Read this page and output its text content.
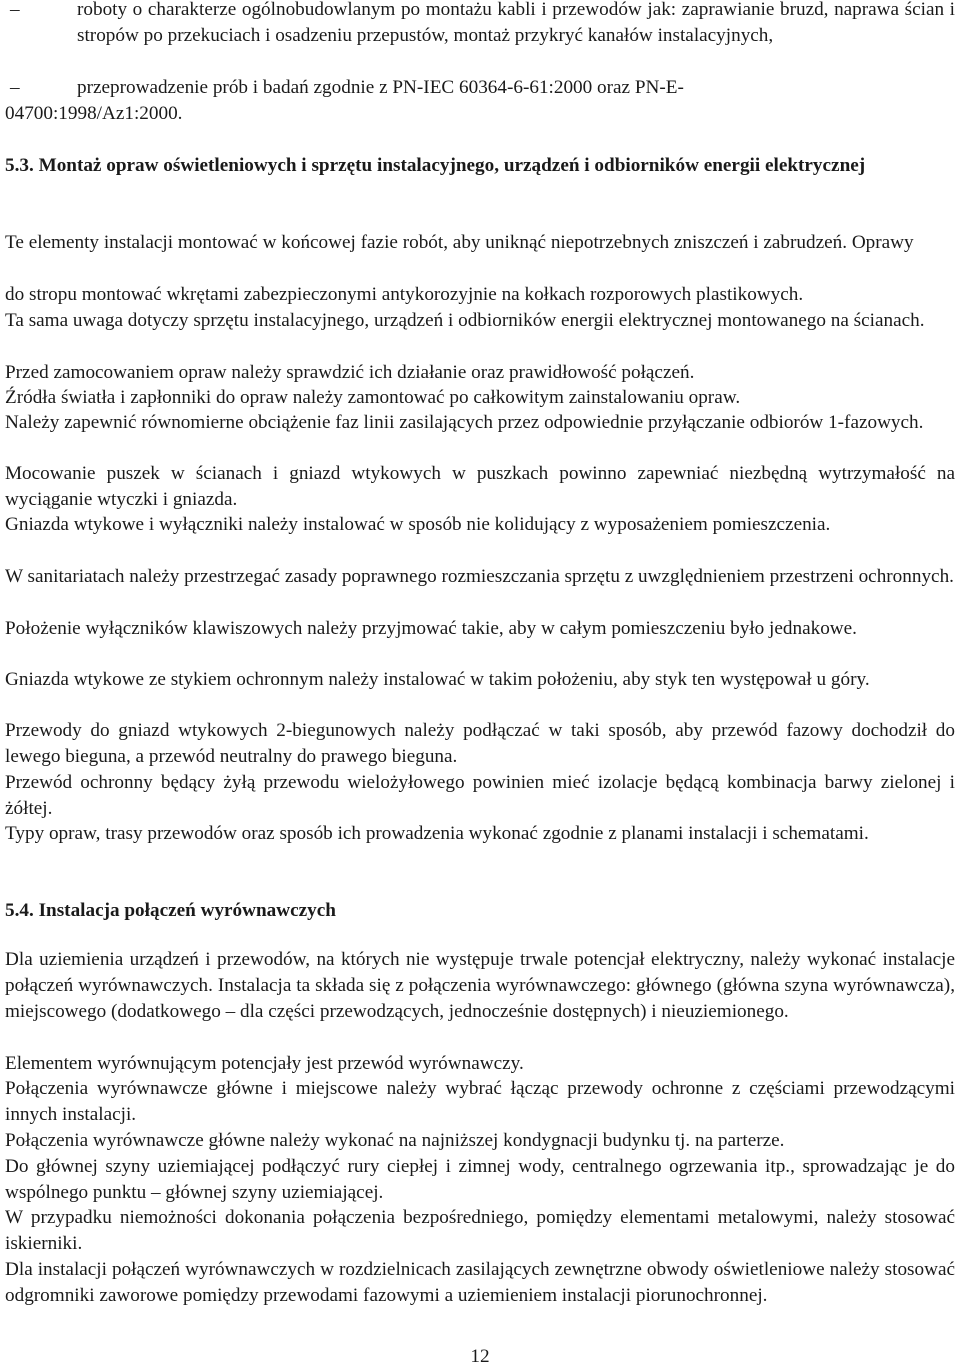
–	roboty o charakterze ogólnobudowlanym po montażu kabli i przewodów jak: zaprawianie bruzd, naprawa ścian i stropów po przekuciach i osadzeniu przepustów, montaż przykryć kanałów instalacyjnych,
–	przeprowadzenie prób i badań zgodnie z PN-IEC 60364-6-61:2000 oraz PN-E-
04700:1998/Az1:2000.
5.3. Montaż opraw oświetleniowych i sprzętu instalacyjnego, urządzeń i odbiorników energii elektrycznej
Te elementy instalacji montować w końcowej fazie robót, aby uniknąć niepotrzebnych zniszczeń i zabrudzeń. Oprawy
do stropu montować wkrętami zabezpieczonymi antykorozyjnie na kołkach rozporowych plastikowych.
Ta sama uwaga dotyczy sprzętu instalacyjnego, urządzeń i odbiorników energii elektrycznej montowanego na ścianach.
Przed zamocowaniem opraw należy sprawdzić ich działanie oraz prawidłowość połączeń.
Źródła światła i zapłonniki do opraw należy zamontować po całkowitym zainstalowaniu opraw.
Należy zapewnić równomierne obciążenie faz linii zasilających przez odpowiednie przyłączanie odbiorów 1-fazowych.
Mocowanie puszek w ścianach i gniazd wtykowych w puszkach powinno zapewniać niezbędną wytrzymałość na wyciąganie wtyczki i gniazda.
Gniazda wtykowe i wyłączniki należy instalować w sposób nie kolidujący z wyposażeniem pomieszczenia.
W sanitariatach należy przestrzegać zasady poprawnego rozmieszczania sprzętu z uwzględnieniem przestrzeni ochronnych.
Położenie wyłączników klawiszowych należy przyjmować takie, aby w całym pomieszczeniu było jednakowe.
Gniazda wtykowe ze stykiem ochronnym należy instalować w takim położeniu, aby styk ten występował u góry.
Przewody do gniazd wtykowych 2-biegunowych należy podłączać w taki sposób, aby przewód fazowy dochodził do lewego bieguna, a przewód neutralny do prawego bieguna.
Przewód ochronny będący żyłą przewodu wielożyłowego powinien mieć izolacje będącą kombinacja barwy zielonej i żółtej.
Typy opraw, trasy przewodów oraz sposób ich prowadzenia wykonać zgodnie z planami instalacji i schematami.
5.4. Instalacja połączeń wyrównawczych
Dla uziemienia urządzeń i przewodów, na których nie występuje trwale potencjał elektryczny, należy wykonać instalacje połączeń wyrównawczych. Instalacja ta składa się z połączenia wyrównawczego: głównego (główna szyna wyrównawcza), miejscowego (dodatkowego – dla części przewodzących, jednocześnie dostępnych) i nieuziemionego.
Elementem wyrównującym potencjały jest przewód wyrównawczy.
Połączenia wyrównawcze główne i miejscowe należy wybrać łącząc przewody ochronne z częściami przewodzącymi innych instalacji.
Połączenia wyrównawcze główne należy wykonać na najniższej kondygnacji budynku tj. na parterze.
Do głównej szyny uziemiającej podłączyć rury ciepłej i zimnej wody, centralnego ogrzewania itp., sprowadzając je do wspólnego punktu – głównej szyny uziemiającej.
W przypadku niemożności dokonania połączenia bezpośredniego, pomiędzy elementami metalowymi, należy stosować iskierniki.
Dla instalacji połączeń wyrównawczych w rozdzielnicach zasilających zewnętrzne obwody oświetleniowe należy stosować odgromniki zaworowe pomiędzy przewodami fazowymi a uziemieniem instalacji piorunochronnej.
12
